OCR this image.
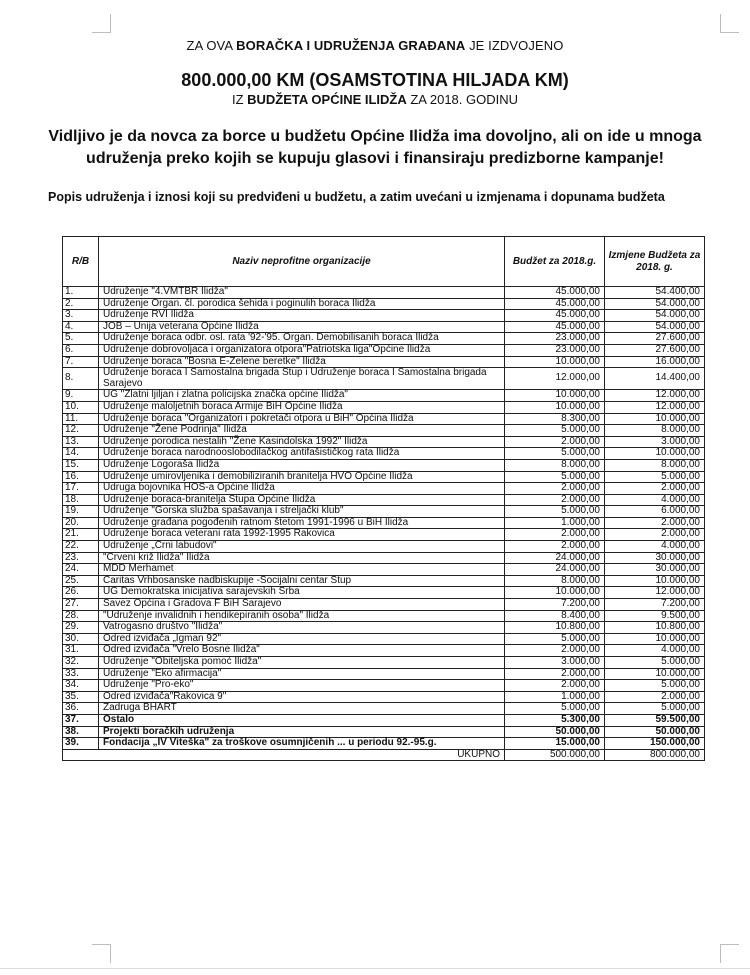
ZA OVA BORAČKA I UDRUŽENJA GRAĐANA JE IZDVOJENO
800.000,00 KM (OSAMSTOTINA HILJADA KM)
IZ BUDŽETA OPĆINE ILIDŽA ZA 2018. GODINU
Vidljivo je da novca za borce u budžetu Općine Ilidža ima dovoljno, ali on ide u mnoga udruženja preko kojih se kupuju glasovi i finansiraju predizborne kampanje!
Popis udruženja i iznosi koji su predviđeni u budžetu, a zatim uvećani u izmjenama i dopunama budžeta
R/B	Naziv neprofitne organizacije	Budžet za 2018.g.	Izmjene Budžeta za 2018. g.
1.	Udruženje "4.VMTBR Ilidža"	45.000,00	54.400,00
2.	Udruženje Organ. čl. porodica šehida i poginulih boraca Ilidža	45.000,00	54.000,00
3.	Udruženje RVI Ilidža	45.000,00	54.000,00
4.	JOB – Unija veterana Općine Ilidža	45.000,00	54.000,00
5.	Udruženje boraca odbr. osl. rata '92-'95. Organ. Demobilisanih boraca Ilidža	23.000,00	27.600,00
6.	Udruženje dobrovoljaca i organizatora otpora"Patriotska liga"Općine Ilidža	23.000,00	27.600,00
7.	Udruženje boraca "Bosna E-Zelene beretke" Ilidža	10.000,00	16.000,00
8.	Udruženje boraca I Samostalna brigada Stup i Udruženje boraca I Samostalna brigada Sarajevo	12.000,00	14.400,00
9.	UG "Zlatni ljiljan i zlatna policijska značka općine Ilidža"	10.000,00	12.000,00
10.	Udruženje maloljetnih boraca Armije BiH Općine Ilidža	10.000,00	12.000,00
11.	Udruženje boraca "Organizatori i pokretači otpora u BiH" Općina Ilidža	8.300,00	10.000,00
12.	Udruženje "Žene Podrinja" Ilidža	5.000,00	8.000,00
13.	Udruženje porodica nestalih "Žene Kasindolska 1992" Ilidža	2.000,00	3.000,00
14.	Udruženje boraca narodnooslobodilačkog antifašističkog rata Ilidža	5.000,00	10.000,00
15.	Udruženje Logoraša Ilidža	8.000,00	8.000,00
16.	Udruženje umirovljenika i demobiliziranih branitelja HVO Općine Ilidža	5.000,00	5.000,00
17.	Udruga bojovnika HOS-a Općine Ilidža	2.000,00	2.000,00
18.	Udruženje boraca-branitelja Stupa Općine Ilidža	2.000,00	4.000,00
19.	Udruženje "Gorska služba spašavanja i streljački klub"	5.000,00	6.000,00
20.	Udruženje građana pogođenih ratnom štetom 1991-1996 u BiH Ilidža	1.000,00	2.000,00
21.	Udruženje boraca veterani rata 1992-1995 Rakovica	2.000,00	2.000,00
22.	Udruženje „Crni labudovi"	2.000,00	4.000,00
23.	"Crveni križ Ilidža" Ilidža	24.000,00	30.000,00
24.	MDD Merhamet	24.000,00	30.000,00
25.	Caritas Vrhbosanske nadbiskupije -Socijalni centar Stup	8.000,00	10.000,00
26.	UG Demokratska inicijativa sarajevskih Srba	10.000,00	12.000,00
27.	Savez Općina i Gradova F BiH Sarajevo	7.200,00	7.200,00
28.	"Udruženje invalidnih i hendikepiranih osoba" Ilidža	8.400,00	9.500,00
29.	Vatrogasno društvo "Ilidža"	10.800,00	10.800,00
30.	Odred izviđača „Igman 92"	5.000,00	10.000,00
31.	Odred izviđača "Vrelo Bosne Ilidža"	2.000,00	4.000,00
32.	Udruženje "Obiteljska pomoć Ilidža"	3.000,00	5.000,00
33.	Udruženje "Eko afirmacija"	2.000,00	10.000,00
34.	Udruženje "Pro-eko"	2.000,00	5.000,00
35.	Odred izviđača"Rakovica 9"	1.000,00	2.000,00
36.	Zadruga BHART	5.000,00	5.000,00
37.	Ostalo	5.300,00	59.500,00
38.	Projekti boračkih udruženja	50.000,00	50.000,00
39.	Fondacija „IV Viteška" za troškove osumnjičenih ... u periodu 92.-95.g.	15.000,00	150.000,00
	UKUPNO	500.000,00	800.000,00
